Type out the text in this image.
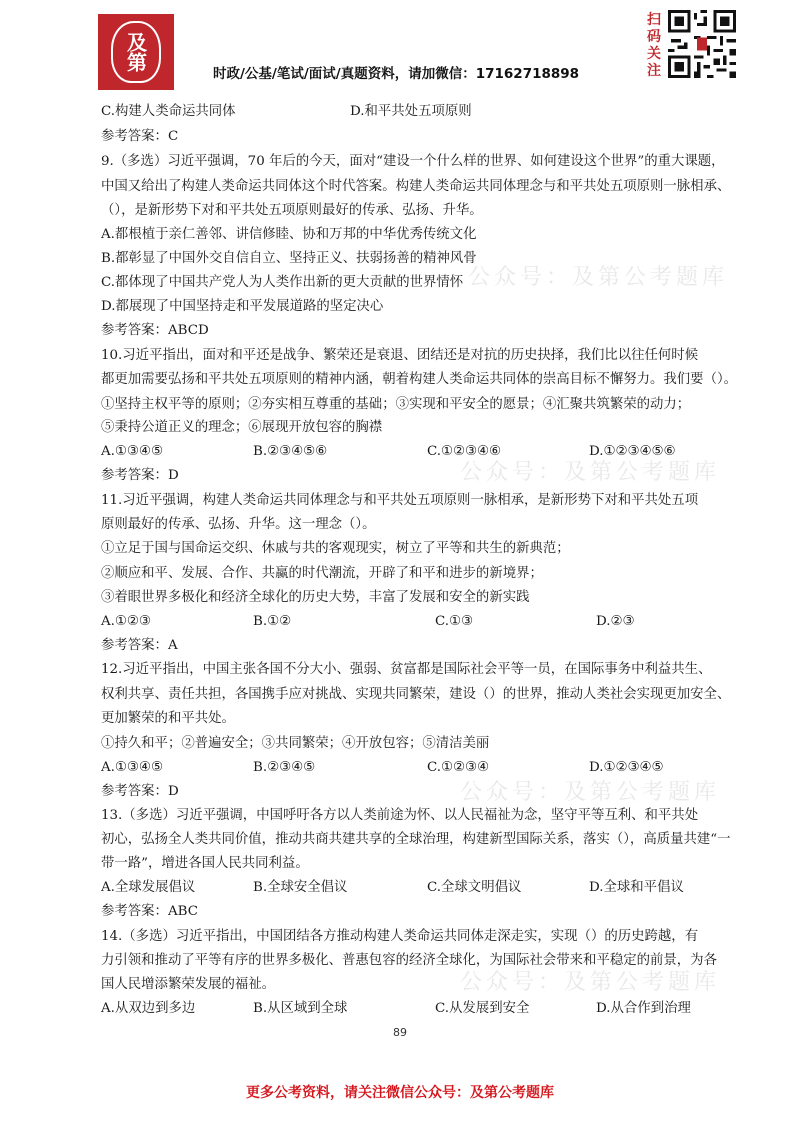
及第
时政/公基/笔试/面试/真题资料，请加微信：17162718898
扫码关注
公众号：及第公考题库
公众号：及第公考题库
公众号：及第公考题库
公众号：及第公考题库
C.构建人类命运共同体	D.和平共处五项原则
参考答案：C
9.（多选）习近平强调，70 年后的今天，面对“建设一个什么样的世界、如何建设这个世界”的重大课题，
中国又给出了构建人类命运共同体这个时代答案。构建人类命运共同体理念与和平共处五项原则一脉相承、
（），是新形势下对和平共处五项原则最好的传承、弘扬、升华。
A.都根植于亲仁善邻、讲信修睦、协和万邦的中华优秀传统文化
B.都彰显了中国外交自信自立、坚持正义、扶弱扬善的精神风骨
C.都体现了中国共产党人为人类作出新的更大贡献的世界情怀
D.都展现了中国坚持走和平发展道路的坚定决心
参考答案：ABCD
10.习近平指出，面对和平还是战争、繁荣还是衰退、团结还是对抗的历史抉择，我们比以往任何时候
都更加需要弘扬和平共处五项原则的精神内涵，朝着构建人类命运共同体的崇高目标不懈努力。我们要（）。
①坚持主权平等的原则；②夯实相互尊重的基础；③实现和平安全的愿景；④汇聚共筑繁荣的动力；
⑤秉持公道正义的理念；⑥展现开放包容的胸襟
A.①③④⑤	B.②③④⑤⑥	C.①②③④⑥	D.①②③④⑤⑥
参考答案：D
11.习近平强调，构建人类命运共同体理念与和平共处五项原则一脉相承，是新形势下对和平共处五项
原则最好的传承、弘扬、升华。这一理念（）。
①立足于国与国命运交织、休戚与共的客观现实，树立了平等和共生的新典范；
②顺应和平、发展、合作、共赢的时代潮流，开辟了和平和进步的新境界；
③着眼世界多极化和经济全球化的历史大势，丰富了发展和安全的新实践
A.①②③	B.①②	C.①③	D.②③
参考答案：A
12.习近平指出，中国主张各国不分大小、强弱、贫富都是国际社会平等一员，在国际事务中利益共生、
权利共享、责任共担，各国携手应对挑战、实现共同繁荣，建设（）的世界，推动人类社会实现更加安全、
更加繁荣的和平共处。
①持久和平；②普遍安全；③共同繁荣；④开放包容；⑤清洁美丽
A.①③④⑤	B.②③④⑤	C.①②③④	D.①②③④⑤
参考答案：D
13.（多选）习近平强调，中国呼吁各方以人类前途为怀、以人民福祉为念，坚守平等互利、和平共处
初心，弘扬全人类共同价值，推动共商共建共享的全球治理，构建新型国际关系，落实（），高质量共建“一
带一路”，增进各国人民共同利益。
A.全球发展倡议	B.全球安全倡议	C.全球文明倡议	D.全球和平倡议
参考答案：ABC
14.（多选）习近平指出，中国团结各方推动构建人类命运共同体走深走实，实现（）的历史跨越，有
力引领和推动了平等有序的世界多极化、普惠包容的经济全球化，为国际社会带来和平稳定的前景，为各
国人民增添繁荣发展的福祉。
A.从双边到多边	B.从区域到全球	C.从发展到安全	D.从合作到治理
89
更多公考资料，请关注微信公众号：及第公考题库
